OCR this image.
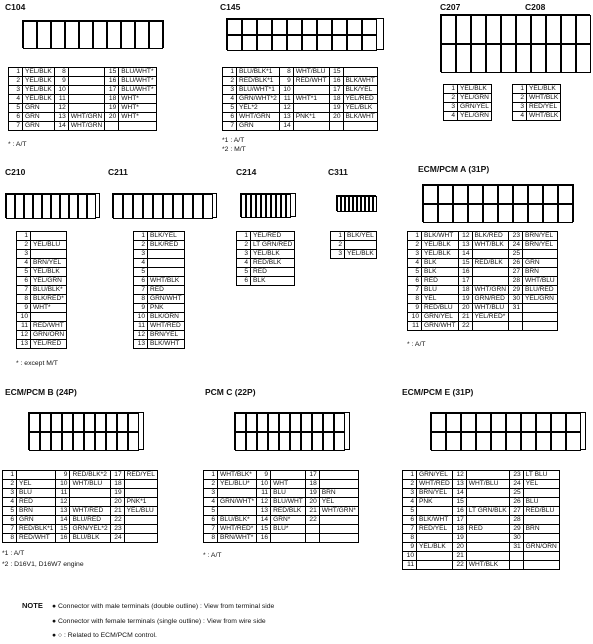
C104	C145	C207	C208
1	YEL/BLK	8		15	BLU/WHT*
2	YEL/BLK	9		16	BLU/WHT*
3	YEL/BLK	10		17	BLU/WHT*
4	YEL/BLK	11		18	WHT*
5	GRN	12		19	WHT*
6	GRN	13	WHT/GRN	20	WHT*
7	GRN	14	WHT/GRN		
* : A/T
1	BLU/BLK*1	8	WHT/BLU	15	
2	RED/BLK*1	9	RED/WHT	16	BLK/WHT
3	BLU/WHT*1	10		17	BLK/YEL
4	GRN/WHT*2	11	WHT*1	18	YEL/RED
5	YEL*2	12		19	YEL/BLK
6	WHT/GRN	13	PNK*1	20	BLK/WHT
7	GRN	14			
*1 : A/T
*2 : M/T
1	YEL/BLK
2	YEL/GRN
3	GRN/YEL
4	YEL/GRN
1	YEL/BLK
2	WHT/BLK
3	RED/YEL
4	WHT/BLK
C210	C211	C214	C311	ECM/PCM A (31P)
1	
2	YEL/BLU
3	
4	BRN/YEL
5	YEL/BLK
6	YEL/GRN
7	BLU/BLK*
8	BLK/RED*
9	WHT*
10	
11	RED/WHT
12	GRN/ORN
13	YEL/RED
* : except M/T
1	BLK/YEL
2	BLK/RED
3	
4	
5	
6	WHT/BLK
7	RED
8	GRN/WHT
9	PNK
10	BLK/ORN
11	WHT/RED
12	BRN/YEL
13	BLK/WHT
1	YEL/RED
2	LT GRN/RED
3	YEL/BLK
4	RED/BLK
5	RED
6	BLK
1	BLK/YEL
2	
3	YEL/BLK
1	BLK/WHT	12	BLK/RED	23	BRN/YEL
2	YEL/BLK	13	WHT/BLK	24	BRN/YEL
3	YEL/BLK	14		25	
4	BLK	15	RED/BLK	26	GRN
5	BLK	16		27	BRN
6	RED	17		28	WHT/BLU
7	BLU	18	WHT/GRN	29	BLU/RED
8	YEL	19	GRN/RED	30	YEL/GRN
9	RED/BLU	20	WHT/BLU	31	
10	GRN/YEL	21	YEL/RED*		
11	GRN/WHT	22			
* : A/T
ECM/PCM B (24P)	PCM C (22P)	ECM/PCM E (31P)
1		9	RED/BLK*2	17	RED/YEL
2	YEL	10	WHT/BLU	18	
3	BLU	11		19	
4	RED	12		20	PNK*1
5	BRN	13	WHT/RED	21	YEL/BLU
6	GRN	14	BLU/RED	22	
7	RED/BLK*1	15	GRN/YEL*2	23	
8	RED/WHT	16	BLU/BLK	24	
*1 : A/T
*2 : D16V1, D16W7 engine
1	WHT/BLK*	9		17	
2	YEL/BLU*	10	WHT	18	
3		11	BLU	19	BRN
4	GRN/WHT*	12	BLU/WHT	20	YEL
5		13	RED/BLK	21	WHT/GRN*
6	BLU/BLK*	14	GRN*	22	
7	WHT/RED*	15	BLU*		
8	BRN/WHT*	16			
* : A/T
1	GRN/YEL	12		23	LT BLU
2	WHT/RED	13	WHT/BLU	24	YEL
3	BRN/YEL	14		25	
4	PNK	15		26	BLU
5		16	LT GRN/BLK	27	RED/BLU
6	BLK/WHT	17		28	
7	RED/YEL	18	RED	29	BRN
8		19		30	
9	YEL/BLK	20		31	GRN/ORN
10		21			
11		22	WHT/BLK		
NOTE ● Connector with male terminals (double outline) : View from terminal side
● Connector with female terminals (single outline) : View from wire side
● ○ : Related to ECM/PCM control.
